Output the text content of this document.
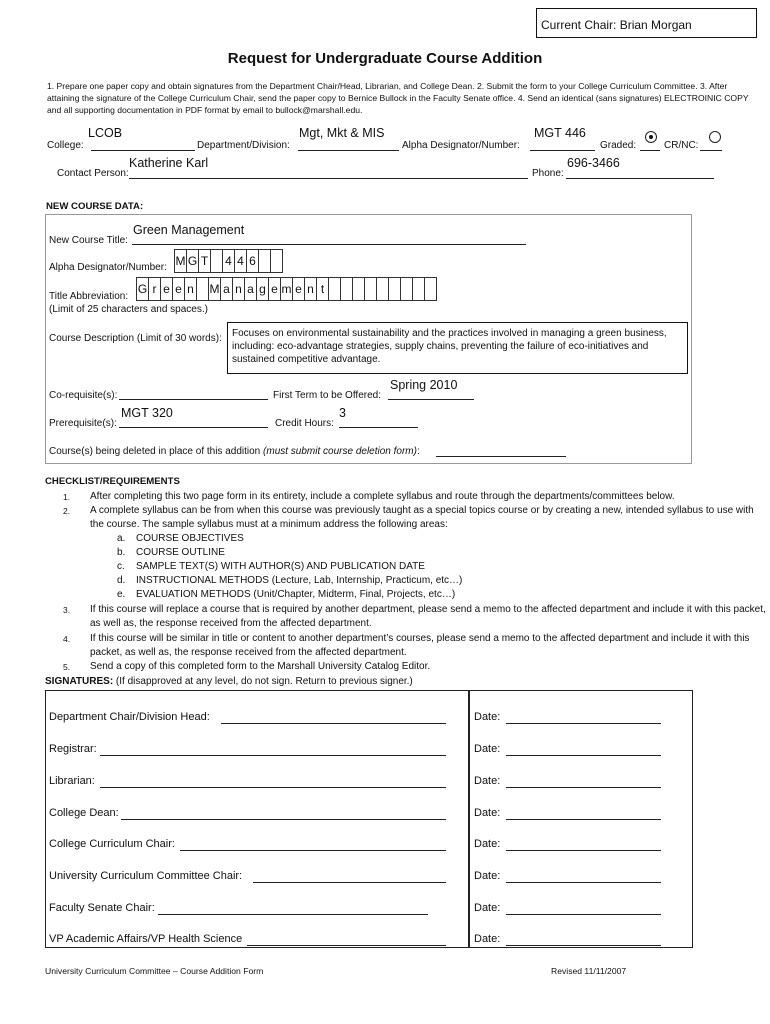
Current Chair: Brian Morgan
Request for Undergraduate Course Addition
1. Prepare one paper copy and obtain signatures from the Department Chair/Head, Librarian, and College Dean. 2. Submit the form to your College Curriculum Committee. 3. After attaining the signature of the College Curriculum Chair, send the paper copy to Bernice Bullock in the Faculty Senate office. 4. Send an identical (sans signatures) ELECTROINIC COPY and all supporting documentation in PDF format by email to bullock@marshall.edu.
College:
LCOB
Department/Division:
Mgt, Mkt & MIS
Alpha Designator/Number:
MGT 446
Graded:	CR/NC:
Contact Person:
Katherine Karl
Phone:
696-3466
NEW COURSE DATA:
New Course Title:
Green Management
Alpha Designator/Number: M G T 4 4 6
Title Abbreviation:
G r e e n M a n a g e m e n t
(Limit of 25 characters and spaces.)
Course Description (Limit of 30 words):	Focuses on environmental sustainability and the practices involved in managing a green business, including: eco-advantage strategies, supply chains, preventing the failure of eco-initiatives and sustained competitive advantage.
Co-requisite(s):	First Term to be Offered:
Spring 2010
Prerequisite(s):
MGT 320
Credit Hours:
3
Course(s) being deleted in place of this addition (must submit course deletion form):
CHECKLIST/REQUIREMENTS
1. After completing this two page form in its entirety, include a complete syllabus and route through the departments/committees below.
2. A complete syllabus can be from when this course was previously taught as a special topics course or by creating a new, intended syllabus to use with the course. The sample syllabus must at a minimum address the following areas:
a. COURSE OBJECTIVES
b. COURSE OUTLINE
c. SAMPLE TEXT(S) WITH AUTHOR(S) AND PUBLICATION DATE
d. INSTRUCTIONAL METHODS (Lecture, Lab, Internship, Practicum, etc…)
e. EVALUATION METHODS (Unit/Chapter, Midterm, Final, Projects, etc…)
3. If this course will replace a course that is required by another department, please send a memo to the affected department and include it with this packet, as well as, the response received from the affected department.
4. If this course will be similar in title or content to another department’s courses, please send a memo to the affected department and include it with this packet, as well as, the response received from the affected department.
5. Send a copy of this completed form to the Marshall University Catalog Editor.
SIGNATURES: (If disapproved at any level, do not sign. Return to previous signer.)
Department Chair/Division Head:	Date:
Registrar:	Date:
Librarian:	Date:
College Dean:	Date:
College Curriculum Chair:	Date:
University Curriculum Committee Chair:	Date:
Faculty Senate Chair:	Date:
VP Academic Affairs/VP Health Science	Date:
University Curriculum Committee – Course Addition Form	Revised 11/11/2007
